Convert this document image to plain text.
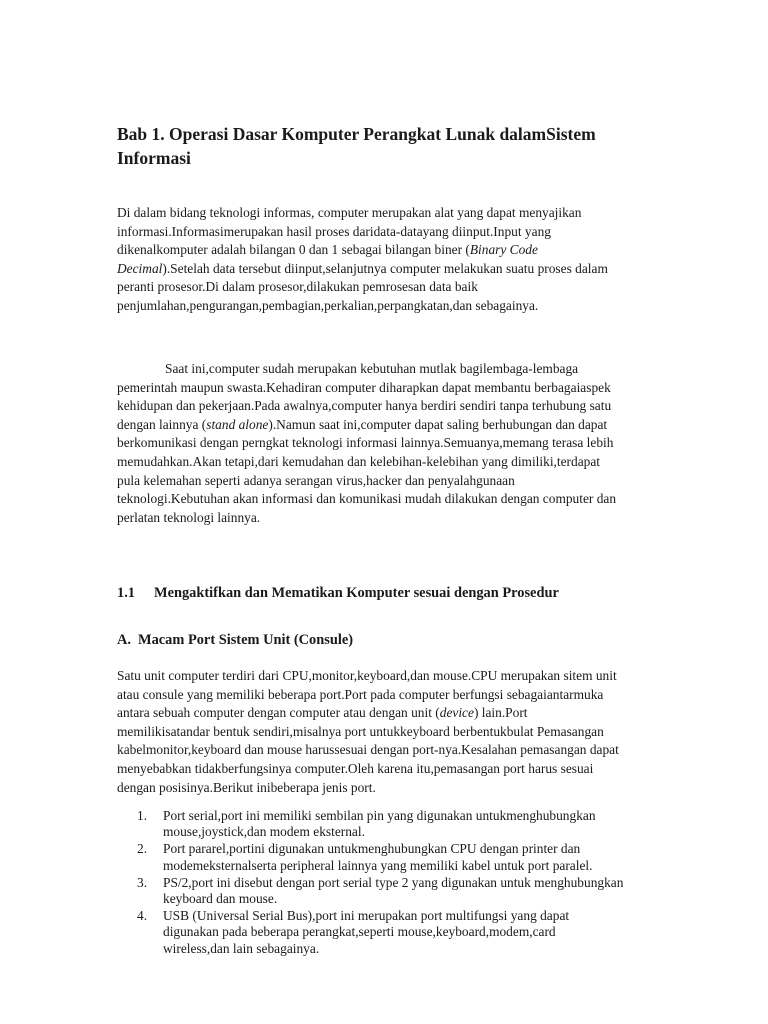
Bab 1. Operasi Dasar Komputer Perangkat Lunak dalamSistem
Informasi

Di dalam bidang teknologi informas, computer merupakan alat yang dapat menyajikan
informasi.Informasimerupakan hasil proses daridata-datayang diinput.Input yang
dikenalkomputer adalah bilangan 0 dan 1 sebagai bilangan biner (Binary Code
Decimal).Setelah data tersebut diinput,selanjutnya computer melakukan suatu proses dalam
peranti prosesor.Di dalam prosesor,dilakukan pemrosesan data baik
penjumlahan,pengurangan,pembagian,perkalian,perpangkatan,dan sebagainya.

Saat ini,computer sudah merupakan kebutuhan mutlak bagilembaga-lembaga
pemerintah maupun swasta.Kehadiran computer diharapkan dapat membantu berbagaiaspek
kehidupan dan pekerjaan.Pada awalnya,computer hanya berdiri sendiri tanpa terhubung satu
dengan lainnya (stand alone).Namun saat ini,computer dapat saling berhubungan dan dapat
berkomunikasi dengan perngkat teknologi informasi lainnya.Semuanya,memang terasa lebih
memudahkan.Akan tetapi,dari kemudahan dan kelebihan-kelebihan yang dimiliki,terdapat
pula kelemahan seperti adanya serangan virus,hacker dan penyalahgunaan
teknologi.Kebutuhan akan informasi dan komunikasi mudah dilakukan dengan computer dan
perlatan teknologi lainnya.

1.1 Mengaktifkan dan Mematikan Komputer sesuai dengan Prosedur
A. Macam Port Sistem Unit (Consule)

Satu unit computer terdiri dari CPU,monitor,keyboard,dan mouse.CPU merupakan sitem unit
atau consule yang memiliki beberapa port.Port pada computer berfungsi sebagaiantarmuka
antara sebuah computer dengan computer atau dengan unit (device) lain.Port
memilikisatandar bentuk sendiri,misalnya port untukkeyboard berbentukbulat Pemasangan
kabelmonitor,keyboard dan mouse harussesuai dengan port-nya.Kesalahan pemasangan dapat
menyebabkan tidakberfungsinya computer.Oleh karena itu,pemasangan port harus sesuai
dengan posisinya.Berikut inibeberapa jenis port.

1. Port serial,port ini memiliki sembilan pin yang digunakan untukmenghubungkan
mouse,joystick,dan modem eksternal.
2. Port pararel,portini digunakan untukmenghubungkan CPU dengan printer dan
modemeksternalserta peripheral lainnya yang memiliki kabel untuk port paralel.
3. PS/2,port ini disebut dengan port serial type 2 yang digunakan untuk menghubungkan
keyboard dan mouse.
4. USB (Universal Serial Bus),port ini merupakan port multifungsi yang dapat
digunakan pada beberapa perangkat,seperti mouse,keyboard,modem,card
wireless,dan lain sebagainya.
